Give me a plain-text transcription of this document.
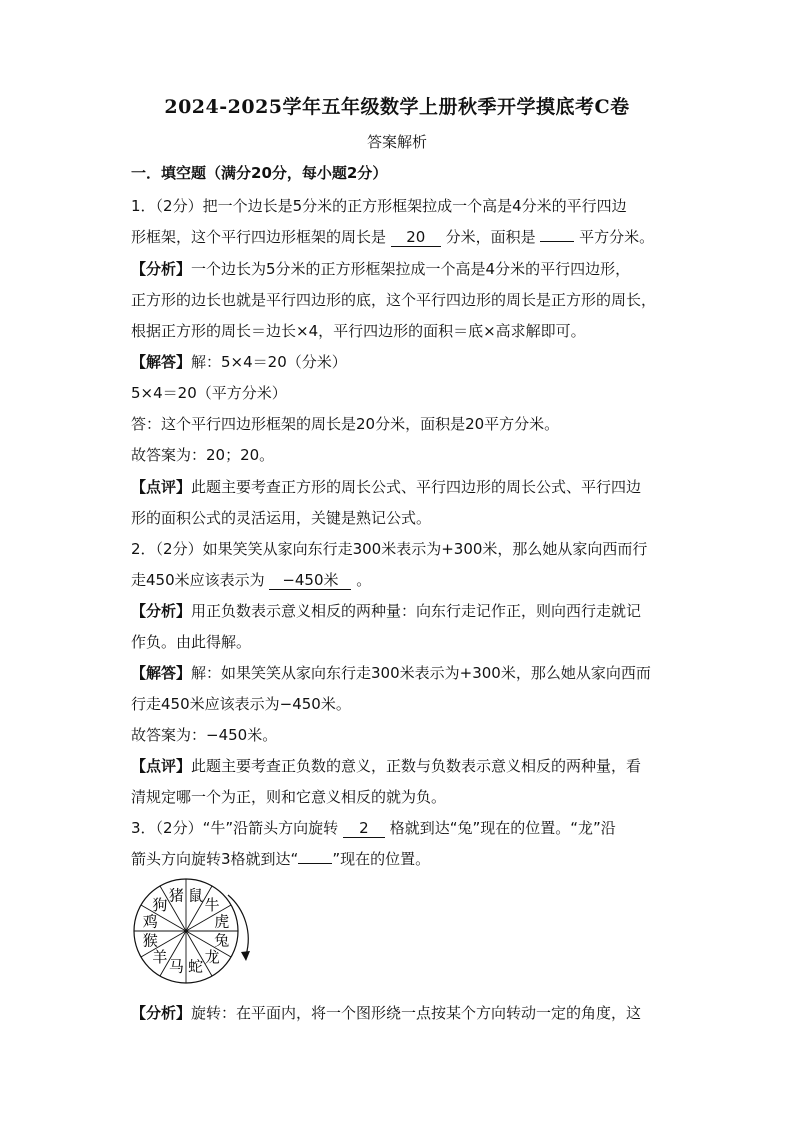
2024-2025学年五年级数学上册秋季开学摸底考C卷
答案解析
一．填空题（满分20分，每小题2分）
1．（2分）把一个边长是5分米的正方形框架拉成一个高是4分米的平行四边
形框架，这个平行四边形框架的周长是 20 分米，面积是	平方分米。
【分析】一个边长为5分米的正方形框架拉成一个高是4分米的平行四边形，
正方形的边长也就是平行四边形的底，这个平行四边形的周长是正方形的周长，
根据正方形的周长＝边长×4，平行四边形的面积＝底×高求解即可。
【解答】解：5×4＝20（分米）
5×4＝20（平方分米）
答：这个平行四边形框架的周长是20分米，面积是20平方分米。
故答案为：20；20。
【点评】此题主要考查正方形的周长公式、平行四边形的周长公式、平行四边
形的面积公式的灵活运用，关键是熟记公式。
2．（2分）如果笑笑从家向东行走300米表示为+300米，那么她从家向西而行
走450米应该表示为 −450米 。
【分析】用正负数表示意义相反的两种量：向东行走记作正，则向西行走就记
作负。由此得解。
【解答】解：如果笑笑从家向东行走300米表示为+300米，那么她从家向西而
行走450米应该表示为−450米。
故答案为：−450米。
【点评】此题主要考查正负数的意义，正数与负数表示意义相反的两种量，看
清规定哪一个为正，则和它意义相反的就为负。
3．（2分）“牛”沿箭头方向旋转 2 格就到达“兔”现在的位置。“龙”沿
箭头方向旋转3格就到达“ ”现在的位置。
鼠
牛
虎
兔
龙
蛇
马
羊
猴
鸡
狗
猪
【分析】旋转：在平面内，将一个图形绕一点按某个方向转动一定的角度，这
